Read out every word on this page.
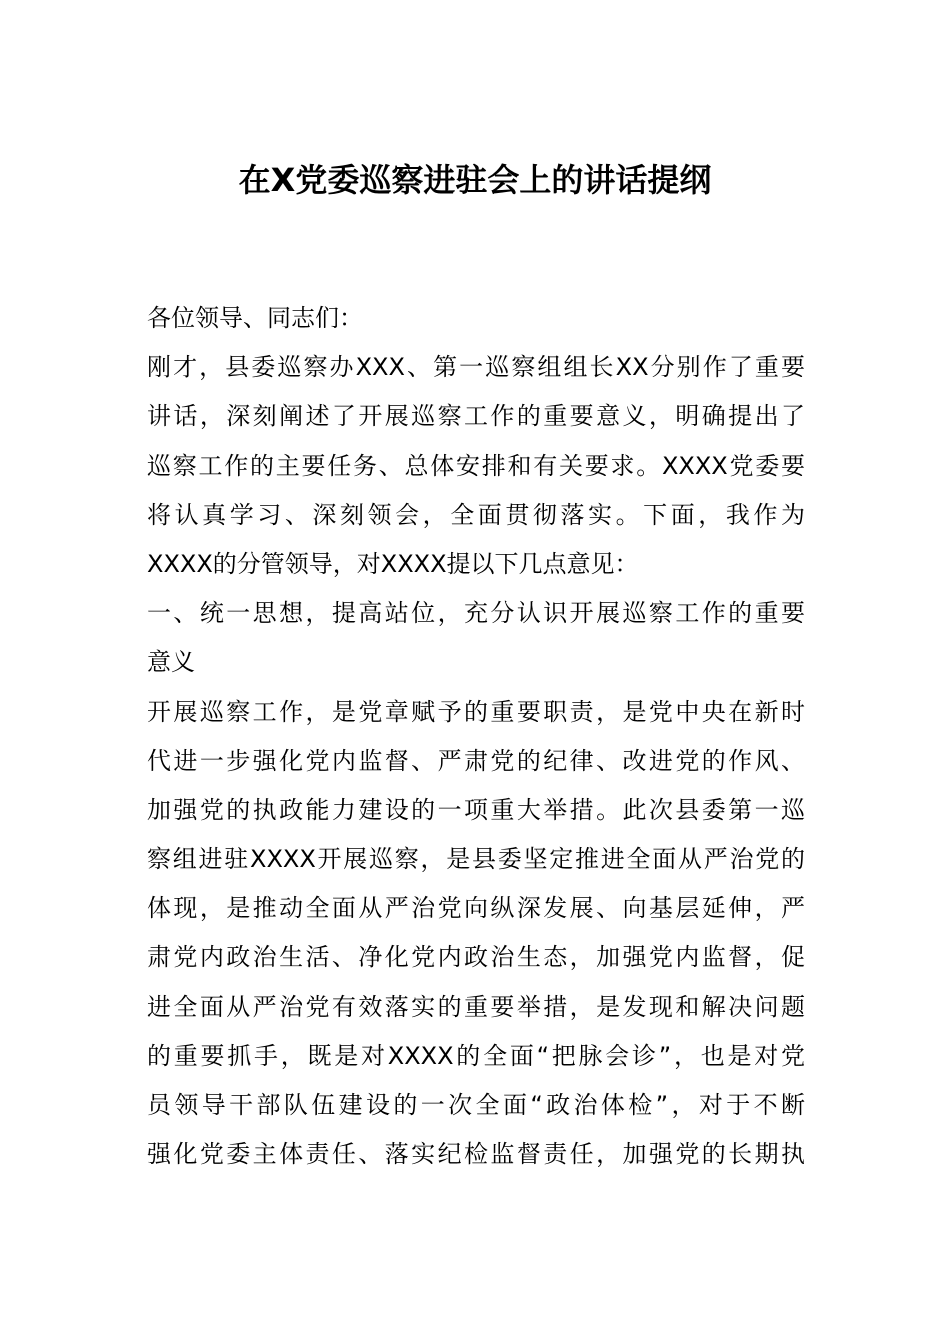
在X党委巡察进驻会上的讲话提纲
各位领导、同志们：
刚才，县委巡察办XXX、第一巡察组组长XX分别作了重要
讲话，深刻阐述了开展巡察工作的重要意义，明确提出了
巡察工作的主要任务、总体安排和有关要求。XXXX党委要
将认真学习、深刻领会，全面贯彻落实。下面，我作为
XXXX的分管领导，对XXXX提以下几点意见：
一、统一思想，提高站位，充分认识开展巡察工作的重要
意义
开展巡察工作，是党章赋予的重要职责，是党中央在新时
代进一步强化党内监督、严肃党的纪律、改进党的作风、
加强党的执政能力建设的一项重大举措。此次县委第一巡
察组进驻XXXX开展巡察，是县委坚定推进全面从严治党的
体现，是推动全面从严治党向纵深发展、向基层延伸，严
肃党内政治生活、净化党内政治生态，加强党内监督，促
进全面从严治党有效落实的重要举措，是发现和解决问题
的重要抓手，既是对XXXX的全面“把脉会诊”，也是对党
员领导干部队伍建设的一次全面“政治体检”，对于不断
强化党委主体责任、落实纪检监督责任，加强党的长期执
